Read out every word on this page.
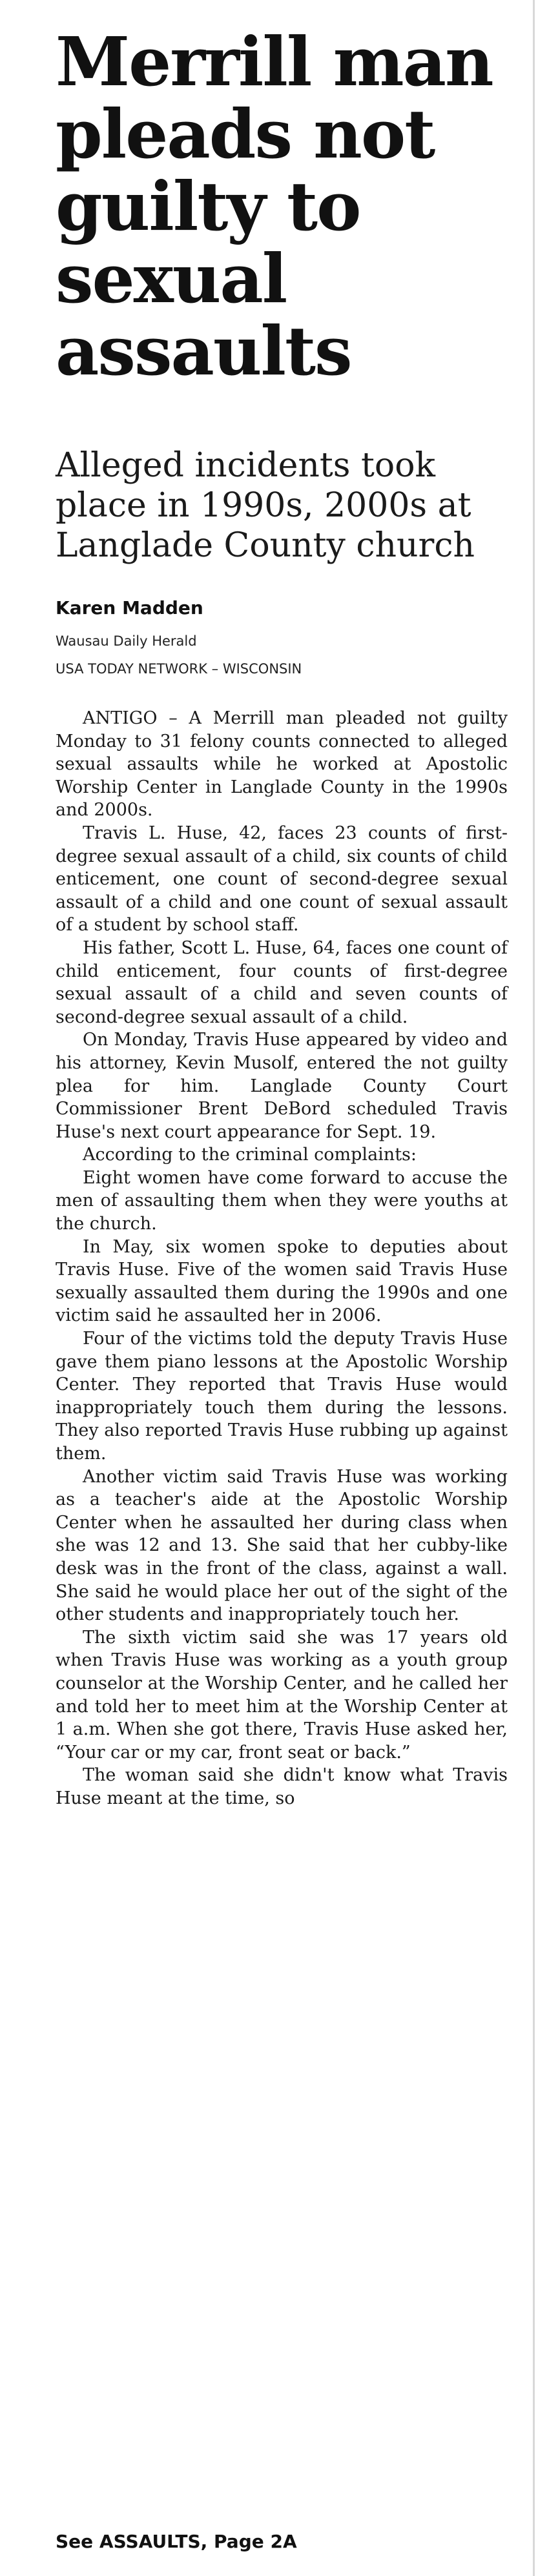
Merrill man pleads not guilty to sexual assaults
Alleged incidents took place in 1990s, 2000s at Langlade County church
Karen Madden
Wausau Daily Herald
USA TODAY NETWORK – WISCONSIN

ANTIGO – A Merrill man pleaded not guilty Monday to 31 felony counts connected to alleged sexual assaults while he worked at Apostolic Worship Center in Langlade County in the 1990s and 2000s.

Travis L. Huse, 42, faces 23 counts of first-degree sexual assault of a child, six counts of child enticement, one count of second-degree sexual assault of a child and one count of sexual assault of a student by school staff.

His father, Scott L. Huse, 64, faces one count of child enticement, four counts of first-degree sexual assault of a child and seven counts of second-degree sexual assault of a child.

On Monday, Travis Huse appeared by video and his attorney, Kevin Musolf, entered the not guilty plea for him. Langlade County Court Commissioner Brent DeBord scheduled Travis Huse's next court appearance for Sept. 19.

According to the criminal complaints:

Eight women have come forward to accuse the men of assaulting them when they were youths at the church.

In May, six women spoke to deputies about Travis Huse. Five of the women said Travis Huse sexually assaulted them during the 1990s and one victim said he assaulted her in 2006.

Four of the victims told the deputy Travis Huse gave them piano lessons at the Apostolic Worship Center. They reported that Travis Huse would inappropriately touch them during the lessons. They also reported Travis Huse rubbing up against them.

Another victim said Travis Huse was working as a teacher's aide at the Apostolic Worship Center when he assaulted her during class when she was 12 and 13. She said that her cubby-like desk was in the front of the class, against a wall. She said he would place her out of the sight of the other students and inappropriately touch her.

The sixth victim said she was 17 years old when Travis Huse was working as a youth group counselor at the Worship Center, and he called her and told her to meet him at the Worship Center at 1 a.m. When she got there, Travis Huse asked her, “Your car or my car, front seat or back.”

The woman said she didn't know what Travis Huse meant at the time, so

See ASSAULTS, Page 2A
